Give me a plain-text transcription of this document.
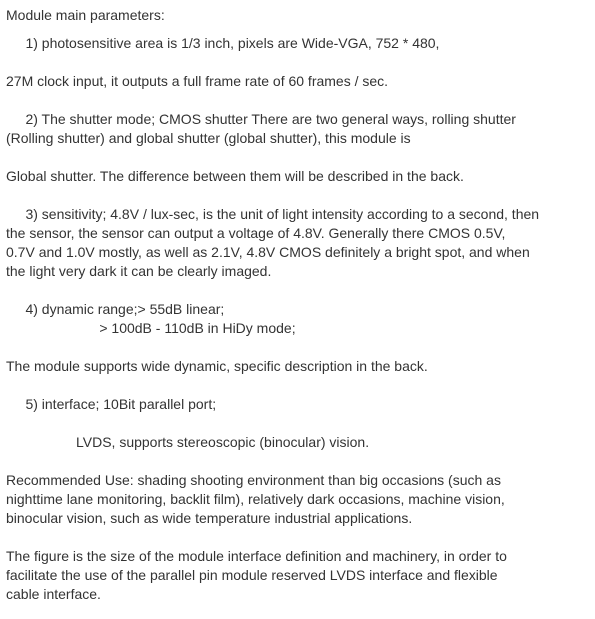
Module main parameters:

1) photosensitive area is 1/3 inch, pixels are Wide-VGA, 752 * 480,

27M clock input, it outputs a full frame rate of 60 frames / sec.

2) The shutter mode; CMOS shutter There are two general ways, rolling shutter

(Rolling shutter) and global shutter (global shutter), this module is

Global shutter. The difference between them will be described in the back.

3) sensitivity; 4.8V / lux-sec, is the unit of light intensity according to a second, then

the sensor, the sensor can output a voltage of 4.8V. Generally there CMOS 0.5V,

0.7V and 1.0V mostly, as well as 2.1V, 4.8V CMOS definitely a bright spot, and when

the light very dark it can be clearly imaged.

4) dynamic range;> 55dB linear;

> 100dB - 110dB in HiDy mode;

The module supports wide dynamic, specific description in the back.

5) interface; 10Bit parallel port;

LVDS, supports stereoscopic (binocular) vision.

Recommended Use: shading shooting environment than big occasions (such as

nighttime lane monitoring, backlit film), relatively dark occasions, machine vision,

binocular vision, such as wide temperature industrial applications.

The figure is the size of the module interface definition and machinery, in order to

facilitate the use of the parallel pin module reserved LVDS interface and flexible

cable interface.
